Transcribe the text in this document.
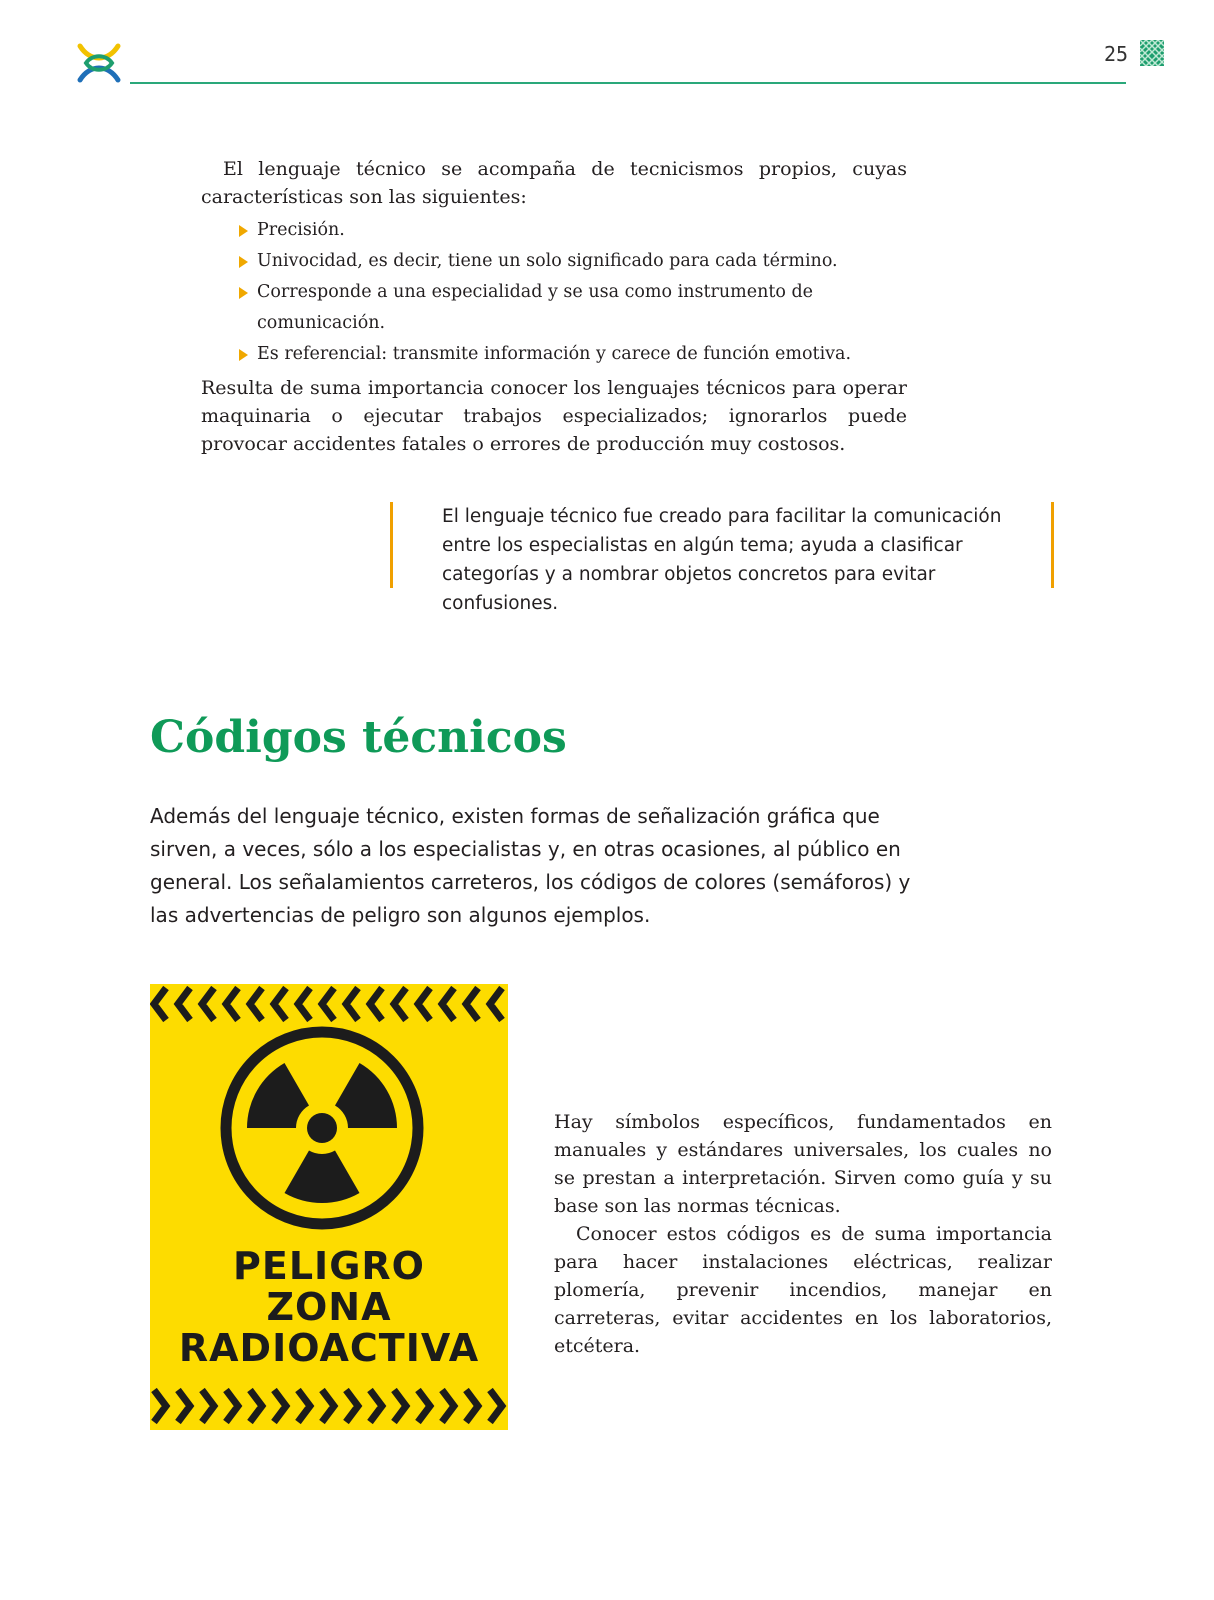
25

El lenguaje técnico se acompaña de tecnicismos propios, cuyas características son las siguientes:

Precisión.
Univocidad, es decir, tiene un solo significado para cada término.
Corresponde a una especialidad y se usa como instrumento de comunicación.
Es referencial: transmite información y carece de función emotiva.

Resulta de suma importancia conocer los lenguajes técnicos para operar maquinaria o ejecutar trabajos especializados; ignorarlos puede provocar accidentes fatales o errores de producción muy costosos.

El lenguaje técnico fue creado para facilitar la comunicación entre los especialistas en algún tema; ayuda a clasificar categorías y a nombrar objetos concretos para evitar confusiones.
Códigos técnicos

Además del lenguaje técnico, existen formas de señalización gráfica que sirven, a veces, sólo a los especialistas y, en otras ocasiones, al público en general. Los señalamientos carreteros, los códigos de colores (semáforos) y las advertencias de peligro son algunos ejemplos.

PELIGRO
ZONA
RADIOACTIVA

Hay símbolos específicos, fundamentados en manuales y estándares universales, los cuales no se prestan a interpretación. Sirven como guía y su base son las normas técnicas.

Conocer estos códigos es de suma importancia para hacer instalaciones eléctricas, realizar plomería, prevenir incendios, manejar en carreteras, evitar accidentes en los laboratorios, etcétera.
